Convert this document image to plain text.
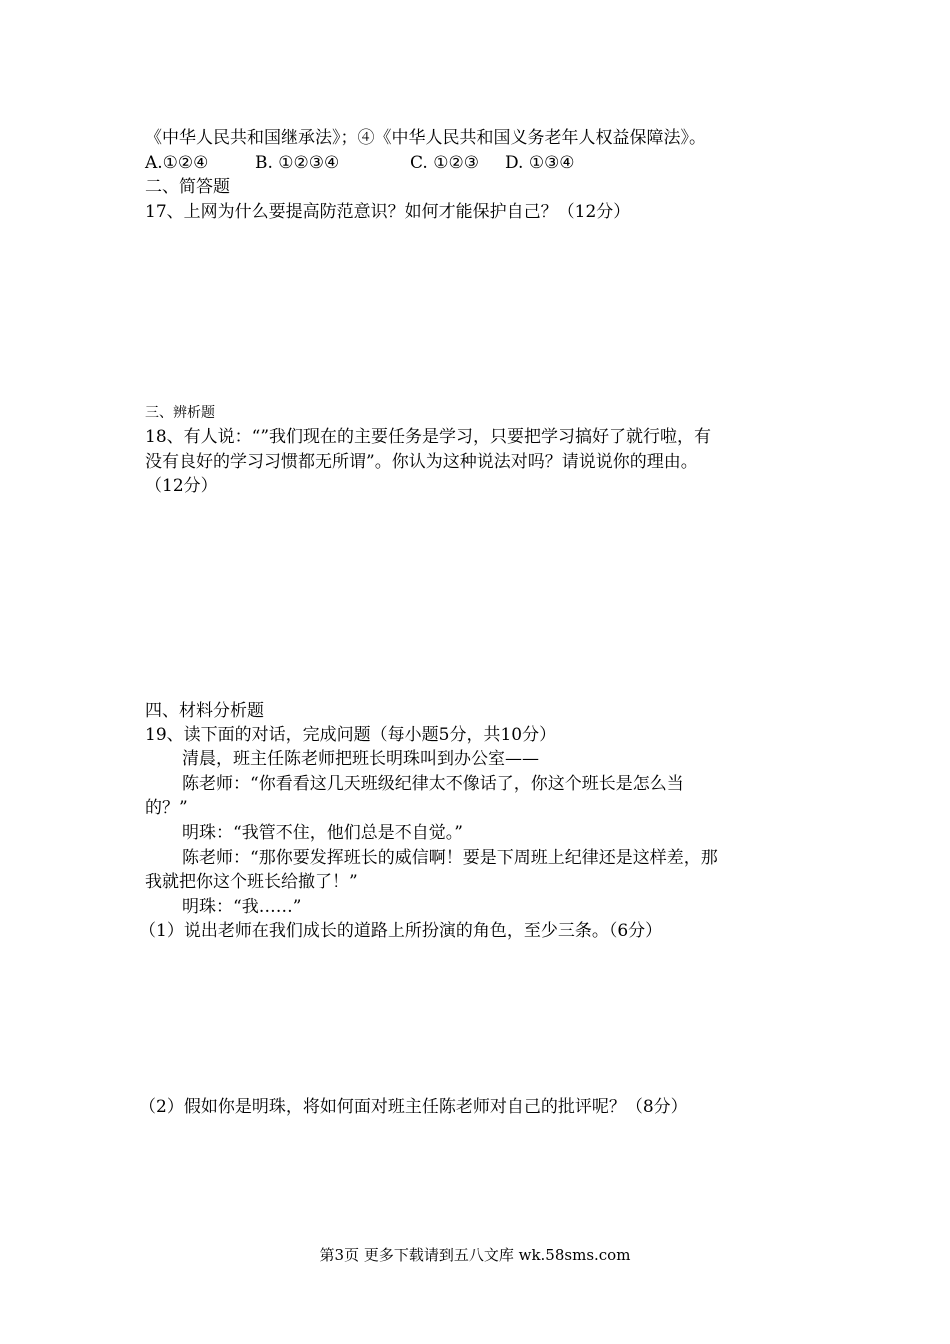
《中华人民共和国继承法》；④《中华人民共和国义务老年人权益保障法》。
A.①②④	B. ①②③④	C. ①②③ D. ①③④
二、简答题
17、上网为什么要提高防范意识？如何才能保护自己？（12分）
三、辨析题
18、有人说：“”我们现在的主要任务是学习，只要把学习搞好了就行啦，有
没有良好的学习习惯都无所谓”。你认为这种说法对吗？请说说你的理由。
（12分）
四、材料分析题
19、读下面的对话，完成问题（每小题5分，共10分）
清晨，班主任陈老师把班长明珠叫到办公室——
陈老师：“你看看这几天班级纪律太不像话了，你这个班长是怎么当
的？”
明珠：“我管不住，他们总是不自觉。”
陈老师：“那你要发挥班长的威信啊！要是下周班上纪律还是这样差，那
我就把你这个班长给撤了！”
明珠：“我……”
（1）说出老师在我们成长的道路上所扮演的角色，至少三条。（6分）
（2）假如你是明珠，将如何面对班主任陈老师对自己的批评呢？（8分）
第3页 更多下载请到五八文库 wk.58sms.com
